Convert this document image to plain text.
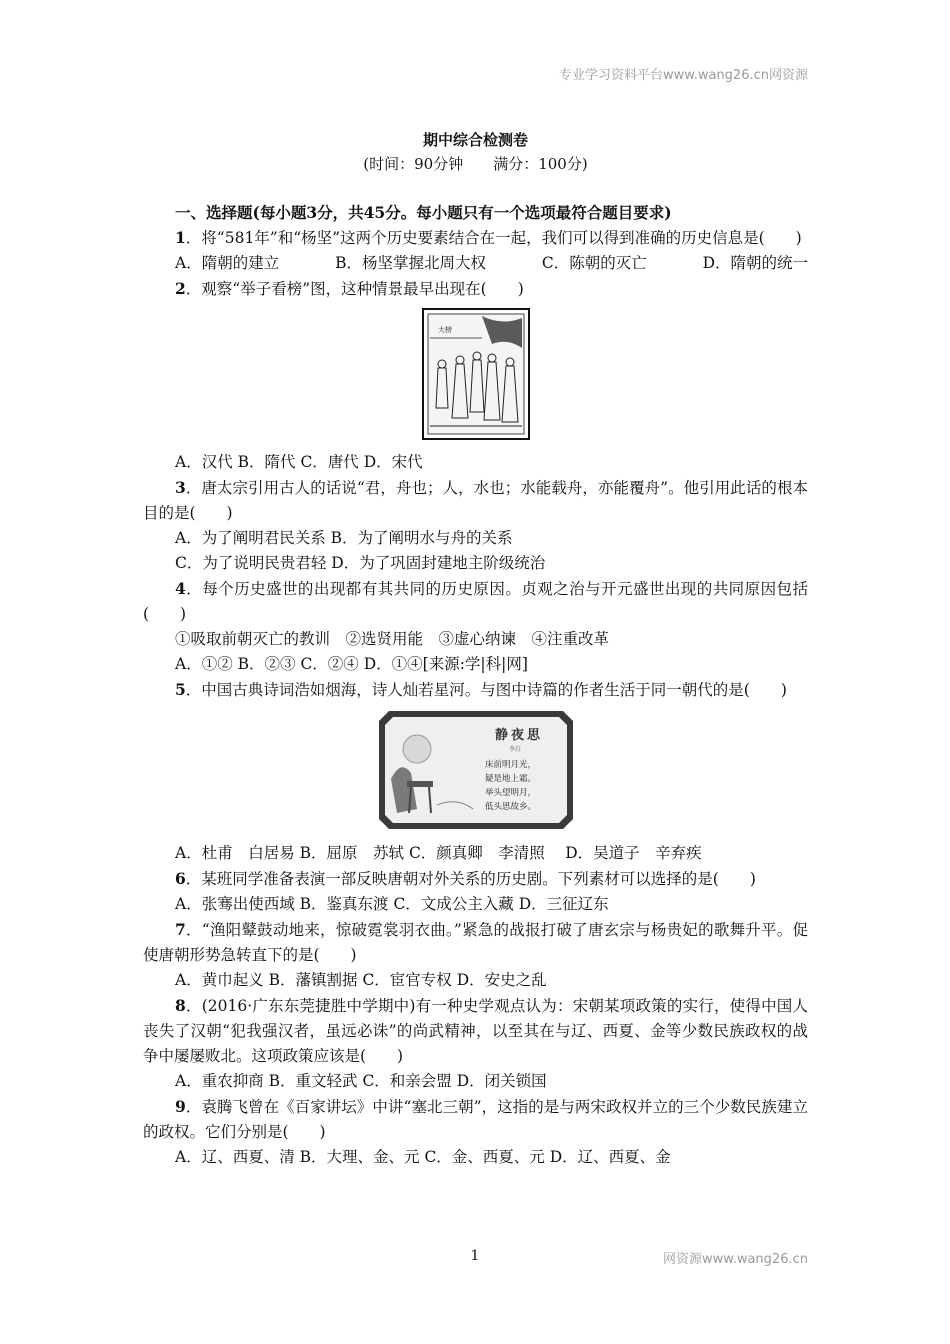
专业学习资料平台www.wang26.cn网资源
期中综合检测卷
(时间：90分钟　　满分：100分)
一、选择题(每小题3分，共45分。每小题只有一个选项最符合题目要求)
1．将“581年”和“杨坚”这两个历史要素结合在一起，我们可以得到准确的历史信息是(　　)
A．隋朝的建立	B．杨坚掌握北周大权	C．陈朝的灭亡	D．隋朝的统一
2．观察“举子看榜”图，这种情景最早出现在(　　)
大榜
A．汉代 B．隋代 C．唐代 D．宋代
3．唐太宗引用古人的话说“君，舟也；人，水也；水能载舟，亦能覆舟”。他引用此话的根本目的是(　　)
A．为了阐明君民关系 B．为了阐明水与舟的关系
C．为了说明民贵君轻 D．为了巩固封建地主阶级统治
4．每个历史盛世的出现都有其共同的历史原因。贞观之治与开元盛世出现的共同原因包括(　　)
①吸取前朝灭亡的教训　②选贤用能　③虚心纳谏　④注重改革
A．①② B．②③ C．②④ D．①④[来源:学|科|网]
5．中国古典诗词浩如烟海，诗人灿若星河。与图中诗篇的作者生活于同一朝代的是(　　)
静夜思
李白
床前明月光，
疑是地上霜。
举头望明月，
低头思故乡。
A．杜甫　白居易 B．屈原　苏轼 C．颜真卿　李清照　 D．吴道子　辛弃疾
6．某班同学准备表演一部反映唐朝对外关系的历史剧。下列素材可以选择的是(　　)
A．张骞出使西域 B．鉴真东渡 C．文成公主入藏 D．三征辽东
7．“渔阳鼙鼓动地来，惊破霓裳羽衣曲。”紧急的战报打破了唐玄宗与杨贵妃的歌舞升平。促使唐朝形势急转直下的是(　　)
A．黄巾起义 B．藩镇割据 C．宦官专权 D．安史之乱
8．(2016·广东东莞捷胜中学期中)有一种史学观点认为：宋朝某项政策的实行，使得中国人丧失了汉朝“犯我强汉者，虽远必诛”的尚武精神，以至其在与辽、西夏、金等少数民族政权的战争中屡屡败北。这项政策应该是(　　)
A．重农抑商 B．重文轻武 C．和亲会盟 D．闭关锁国
9．袁腾飞曾在《百家讲坛》中讲“塞北三朝”，这指的是与两宋政权并立的三个少数民族建立的政权。它们分别是(　　)
A．辽、西夏、清 B．大理、金、元 C．金、西夏、元 D．辽、西夏、金
1	网资源www.wang26.cn
